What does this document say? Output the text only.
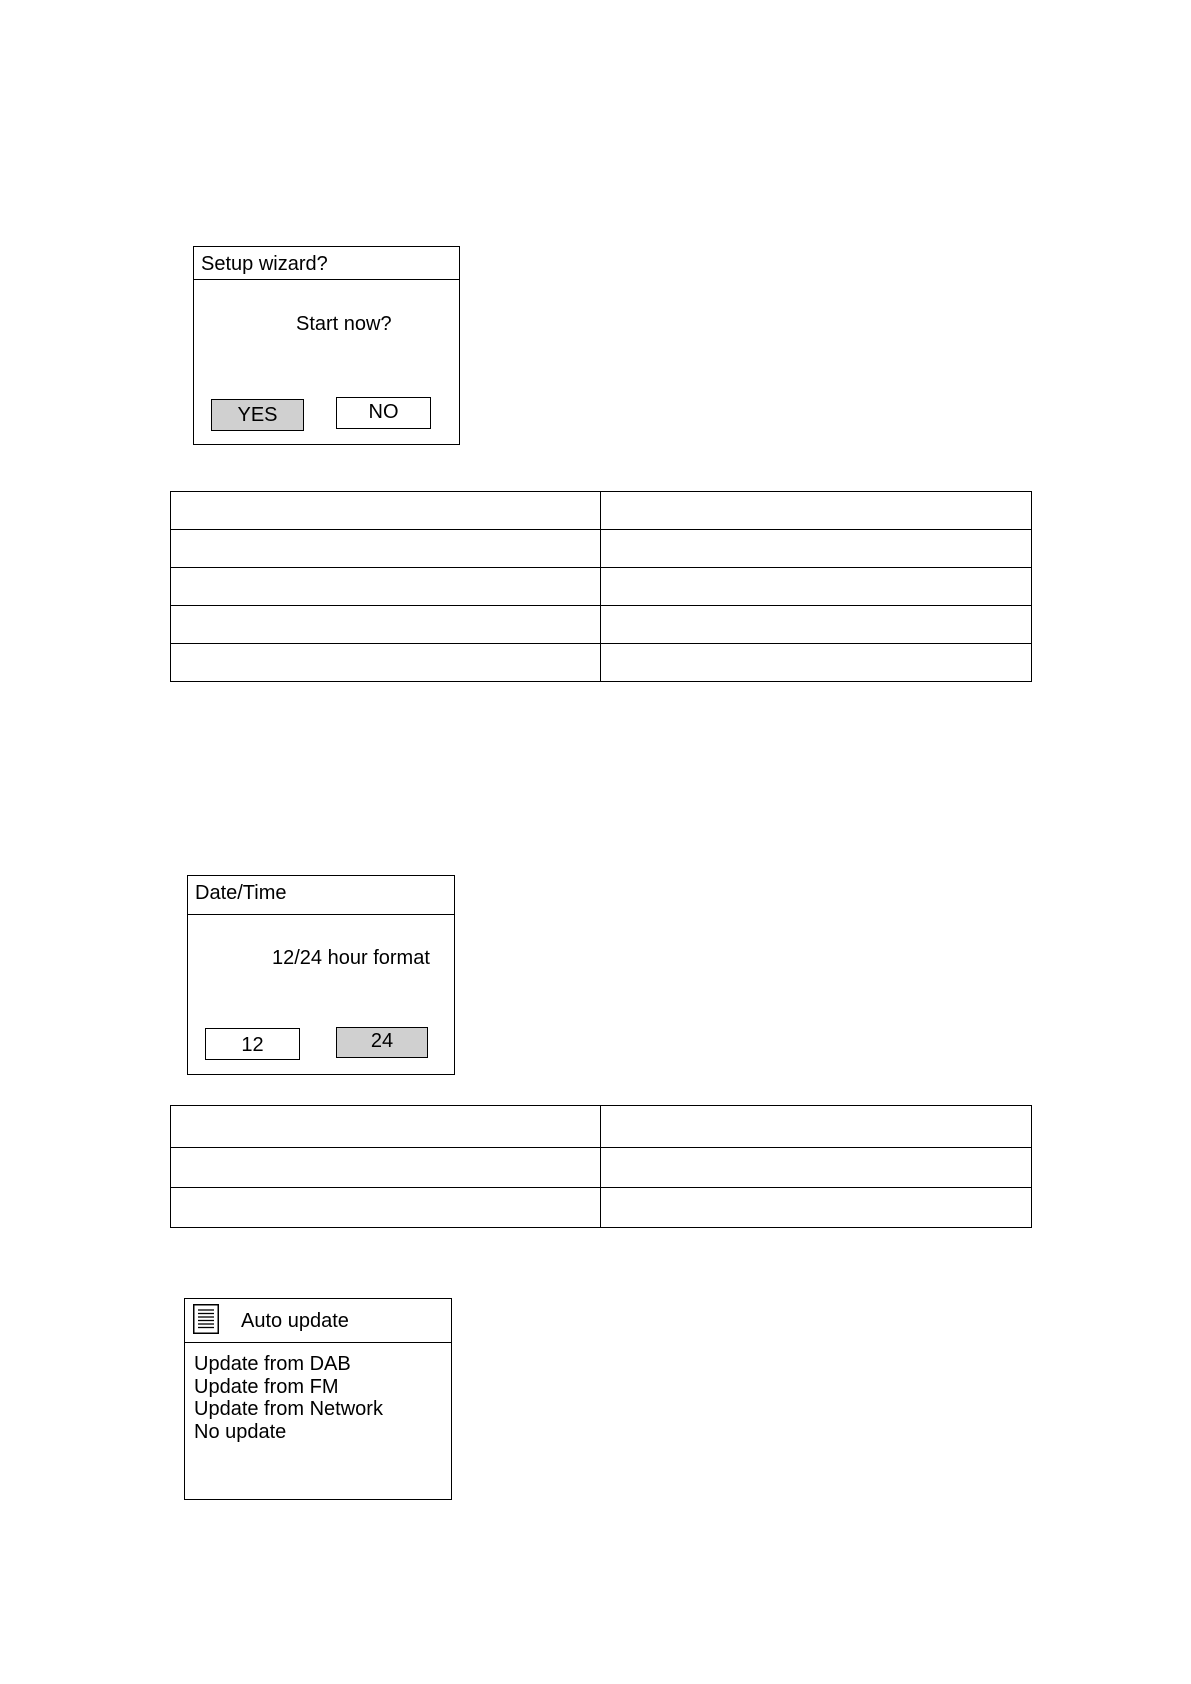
Setup wizard?
Start now?
YES	NO

Date/Time
12/24 hour format
12	24

Auto update
Update from DAB
Update from FM
Update from Network
No update
